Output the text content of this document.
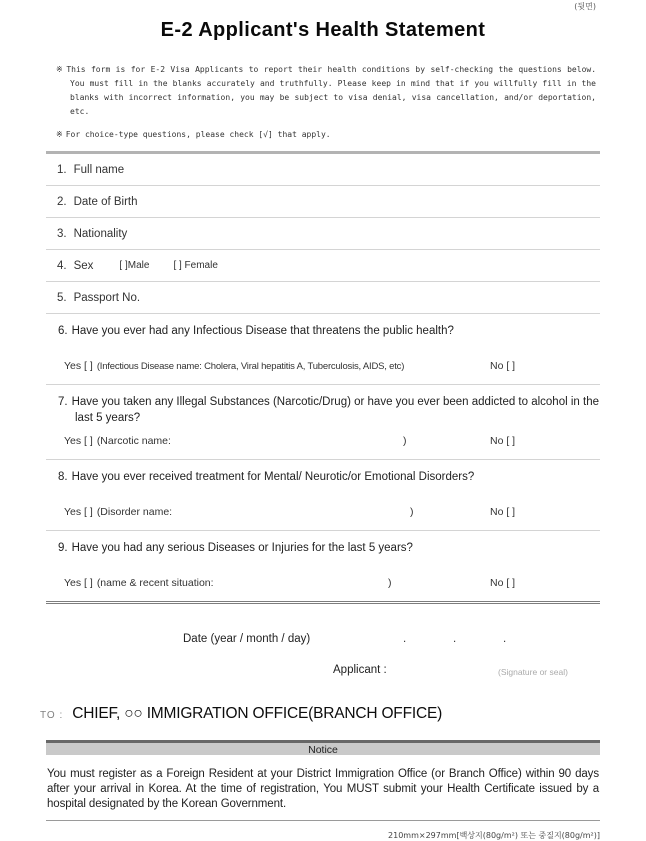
(뒷면)
E-2 Applicant's Health Statement

※ This form is for E-2 Visa Applicants to report their health conditions by self-checking the questions below. You must fill in the blanks accurately and truthfully. Please keep in mind that if you willfully fill in the blanks with incorrect information, you may be subject to visa denial, visa cancellation, and/or deportation, etc.

※ For choice-type questions, please check [√] that apply.

1. Full name
2. Date of Birth
3. Nationality
4. Sex	[ ]Male [ ] Female
5. Passport No.

6. Have you ever had any Infectious Disease that threatens the public health?

Yes [ ] (Infectious Disease name: Cholera, Viral hepatitis A, Tuberculosis, AIDS, etc)	No [ ]

7. Have you taken any Illegal Substances (Narcotic/Drug) or have you ever been addicted to alcohol in the last 5 years?

Yes [ ] (Narcotic name:	)	No [ ]

8. Have you ever received treatment for Mental/ Neurotic/or Emotional Disorders?

Yes [ ] (Disorder name:	)	No [ ]

9. Have you had any serious Diseases or Injuries for the last 5 years?

Yes [ ] (name & recent situation:	)	No [ ]
Date (year / month / day)	.	.	.
Applicant :	(Signature or seal)
TO : CHIEF, ○○ IMMIGRATION OFFICE(BRANCH OFFICE)
Notice

You must register as a Foreign Resident at your District Immigration Office (or Branch Office) within 90 days after your arrival in Korea. At the time of registration, You MUST submit your Health Certificate issued by a hospital designated by the Korean Government.

210mm×297mm[백상지(80g/m²) 또는 중질지(80g/m²)]
